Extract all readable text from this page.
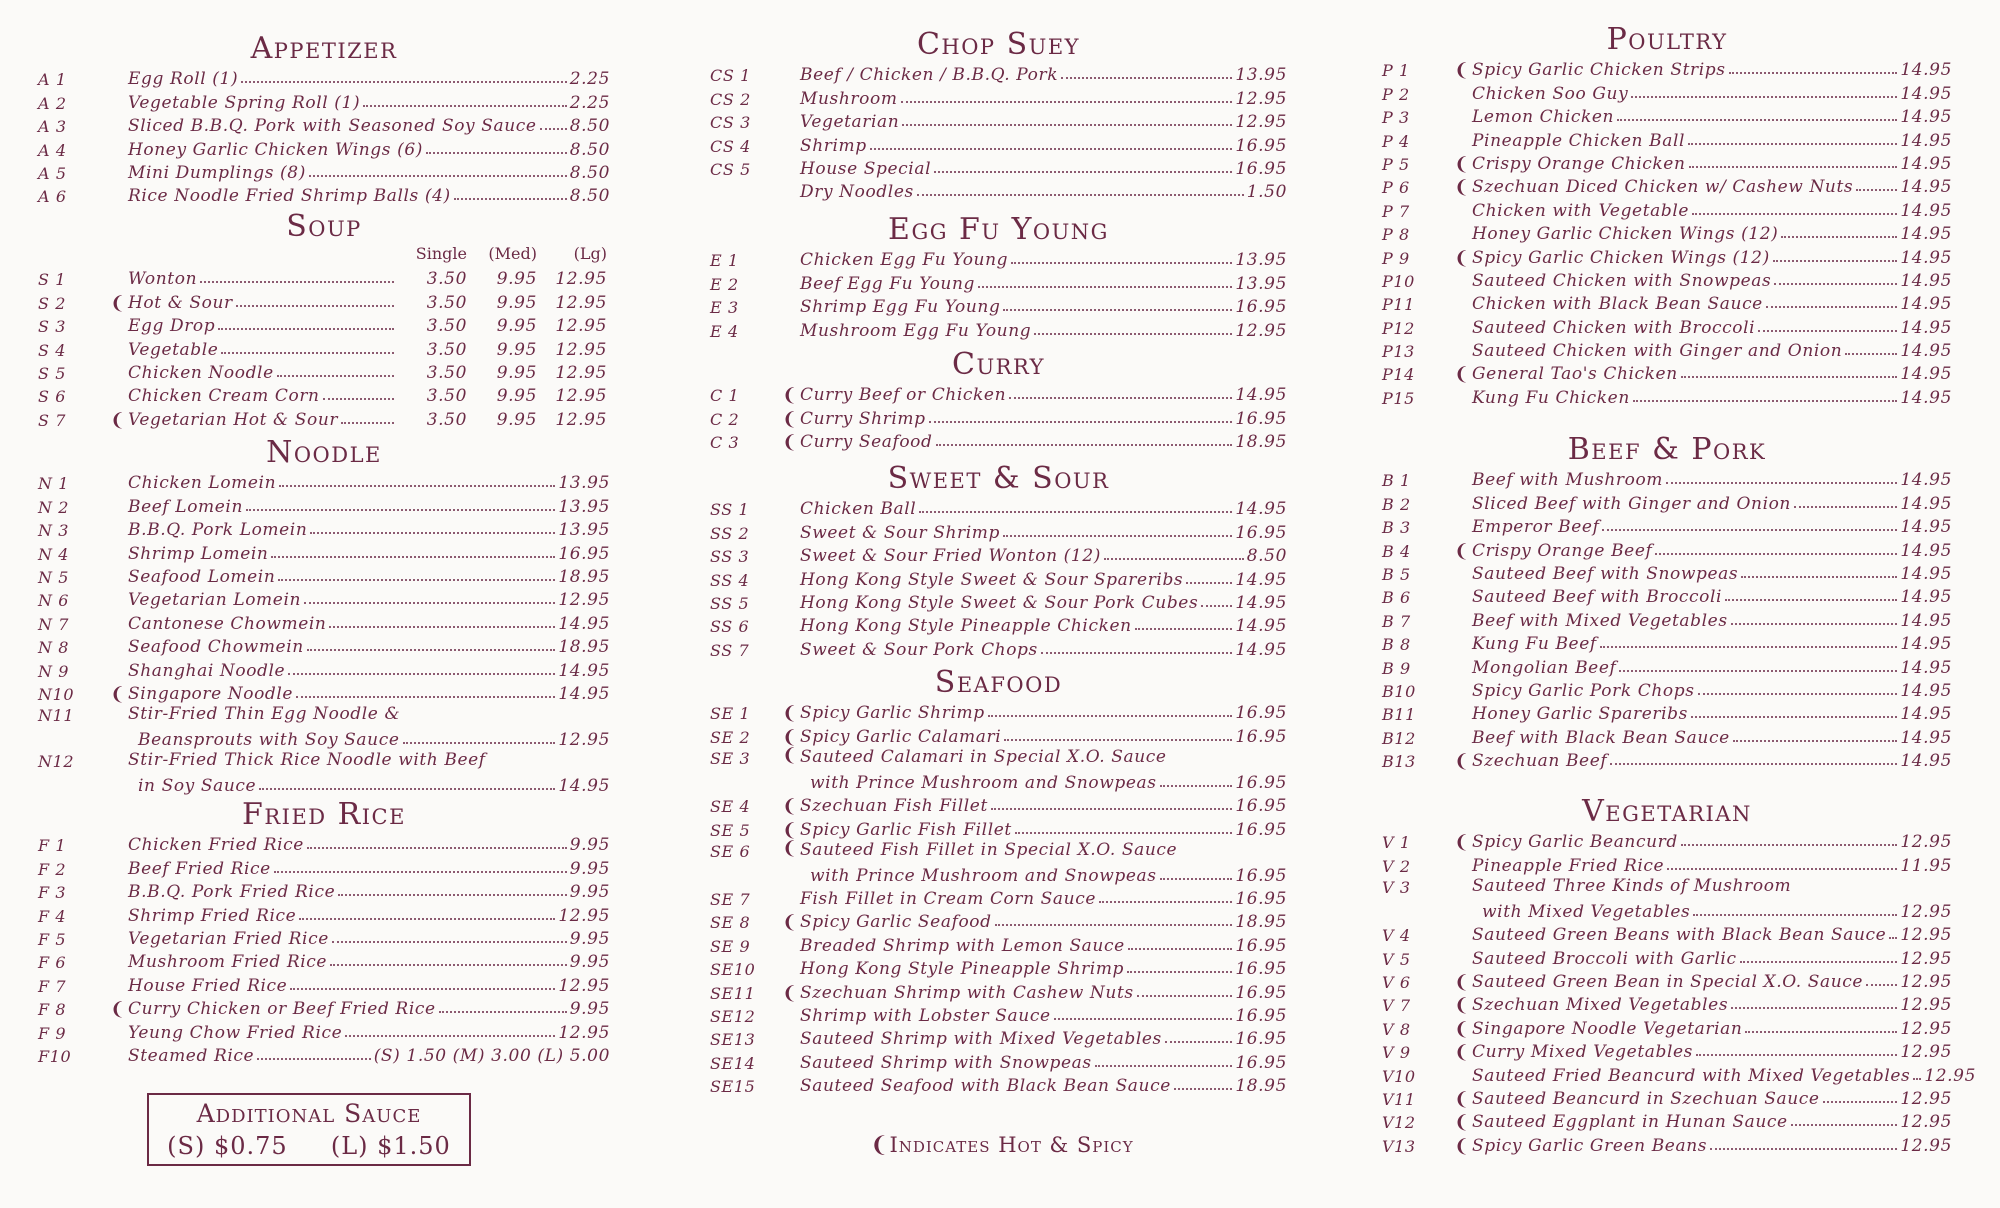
Appetizer
A 1	Egg Roll (1)	2.25
A 2	Vegetable Spring Roll (1)	2.25
A 3	Sliced B.B.Q. Pork with Seasoned Soy Sauce 8.50
A 4	Honey Garlic Chicken Wings (6)	8.50
A 5	Mini Dumplings (8)	8.50
A 6	Rice Noodle Fried Shrimp Balls (4)	8.50
Soup
Single	(Med)	(Lg)
S 1	Wonton	3.50	9.95	12.95
S 2	❨ Hot & Sour	3.50	9.95	12.95
S 3	Egg Drop	3.50	9.95	12.95
S 4	Vegetable	3.50	9.95	12.95
S 5	Chicken Noodle	3.50	9.95	12.95
S 6	Chicken Cream Corn	3.50	9.95	12.95
S 7	❨ Vegetarian Hot & Sour	3.50	9.95	12.95
Noodle
N 1	Chicken Lomein	13.95
N 2	Beef Lomein	13.95
N 3	B.B.Q. Pork Lomein	13.95
N 4	Shrimp Lomein	16.95
N 5	Seafood Lomein	18.95
N 6	Vegetarian Lomein	12.95
N 7	Cantonese Chowmein	14.95
N 8	Seafood Chowmein	18.95
N 9	Shanghai Noodle	14.95
N10	❨ Singapore Noodle	14.95
N11	Stir-Fried Thin Egg Noodle &
Beansprouts with Soy Sauce	12.95
N12	Stir-Fried Thick Rice Noodle with Beef
in Soy Sauce	14.95
Fried Rice
F 1	Chicken Fried Rice	9.95
F 2	Beef Fried Rice	9.95
F 3	B.B.Q. Pork Fried Rice	9.95
F 4	Shrimp Fried Rice	12.95
F 5	Vegetarian Fried Rice	9.95
F 6	Mushroom Fried Rice	9.95
F 7	House Fried Rice	12.95
F 8	❨ Curry Chicken or Beef Fried Rice	9.95
F 9	Yeung Chow Fried Rice	12.95
F10	Steamed Rice	(S) 1.50 (M) 3.00 (L) 5.00
Additional Sauce
(S) $0.75 (L) $1.50
Chop Suey
CS 1	Beef / Chicken / B.B.Q. Pork	13.95
CS 2	Mushroom	12.95
CS 3	Vegetarian	12.95
CS 4	Shrimp	16.95
CS 5	House Special	16.95
Dry Noodles	1.50
Egg Fu Young
E 1	Chicken Egg Fu Young	13.95
E 2	Beef Egg Fu Young	13.95
E 3	Shrimp Egg Fu Young	16.95
E 4	Mushroom Egg Fu Young	12.95
Curry
C 1	❨ Curry Beef or Chicken	14.95
C 2	❨ Curry Shrimp	16.95
C 3	❨ Curry Seafood	18.95
Sweet & Sour
SS 1	Chicken Ball	14.95
SS 2	Sweet & Sour Shrimp	16.95
SS 3	Sweet & Sour Fried Wonton (12)	8.50
SS 4	Hong Kong Style Sweet & Sour Spareribs	14.95
SS 5	Hong Kong Style Sweet & Sour Pork Cubes 14.95
SS 6	Hong Kong Style Pineapple Chicken	14.95
SS 7	Sweet & Sour Pork Chops	14.95
Seafood
SE 1	❨ Spicy Garlic Shrimp	16.95
SE 2	❨ Spicy Garlic Calamari	16.95
SE 3	❨ Sauteed Calamari in Special X.O. Sauce
with Prince Mushroom and Snowpeas	16.95
SE 4	❨ Szechuan Fish Fillet	16.95
SE 5	❨ Spicy Garlic Fish Fillet	16.95
SE 6	❨ Sauteed Fish Fillet in Special X.O. Sauce
with Prince Mushroom and Snowpeas	16.95
SE 7	Fish Fillet in Cream Corn Sauce	16.95
SE 8	❨ Spicy Garlic Seafood	18.95
SE 9	Breaded Shrimp with Lemon Sauce	16.95
SE10	Hong Kong Style Pineapple Shrimp	16.95
SE11	❨ Szechuan Shrimp with Cashew Nuts	16.95
SE12	Shrimp with Lobster Sauce	16.95
SE13	Sauteed Shrimp with Mixed Vegetables	16.95
SE14	Sauteed Shrimp with Snowpeas	16.95
SE15	Sauteed Seafood with Black Bean Sauce	18.95
❨Indicates Hot & Spicy
Poultry
P 1	❨ Spicy Garlic Chicken Strips	14.95
P 2	Chicken Soo Guy	14.95
P 3	Lemon Chicken	14.95
P 4	Pineapple Chicken Ball	14.95
P 5	❨ Crispy Orange Chicken	14.95
P 6	❨ Szechuan Diced Chicken w/ Cashew Nuts	14.95
P 7	Chicken with Vegetable	14.95
P 8	Honey Garlic Chicken Wings (12)	14.95
P 9	❨ Spicy Garlic Chicken Wings (12)	14.95
P10	Sauteed Chicken with Snowpeas	14.95
P11	Chicken with Black Bean Sauce	14.95
P12	Sauteed Chicken with Broccoli	14.95
P13	Sauteed Chicken with Ginger and Onion	14.95
P14	❨ General Tao's Chicken	14.95
P15	Kung Fu Chicken	14.95
Beef & Pork
B 1	Beef with Mushroom	14.95
B 2	Sliced Beef with Ginger and Onion	14.95
B 3	Emperor Beef	14.95
B 4	❨ Crispy Orange Beef	14.95
B 5	Sauteed Beef with Snowpeas	14.95
B 6	Sauteed Beef with Broccoli	14.95
B 7	Beef with Mixed Vegetables	14.95
B 8	Kung Fu Beef	14.95
B 9	Mongolian Beef	14.95
B10	Spicy Garlic Pork Chops	14.95
B11	Honey Garlic Spareribs	14.95
B12	Beef with Black Bean Sauce	14.95
B13	❨ Szechuan Beef	14.95
Vegetarian
V 1	❨ Spicy Garlic Beancurd	12.95
V 2	Pineapple Fried Rice	11.95
V 3	Sauteed Three Kinds of Mushroom
with Mixed Vegetables	12.95
V 4	Sauteed Green Beans with Black Bean Sauce 12.95
V 5	Sauteed Broccoli with Garlic	12.95
V 6	❨ Sauteed Green Bean in Special X.O. Sauce 12.95
V 7	❨ Szechuan Mixed Vegetables	12.95
V 8	❨ Singapore Noodle Vegetarian	12.95
V 9	❨ Curry Mixed Vegetables	12.95
V10	Sauteed Fried Beancurd with Mixed Vegetables 12.95
V11	❨ Sauteed Beancurd in Szechuan Sauce	12.95
V12	❨ Sauteed Eggplant in Hunan Sauce	12.95
V13	❨ Spicy Garlic Green Beans	12.95
